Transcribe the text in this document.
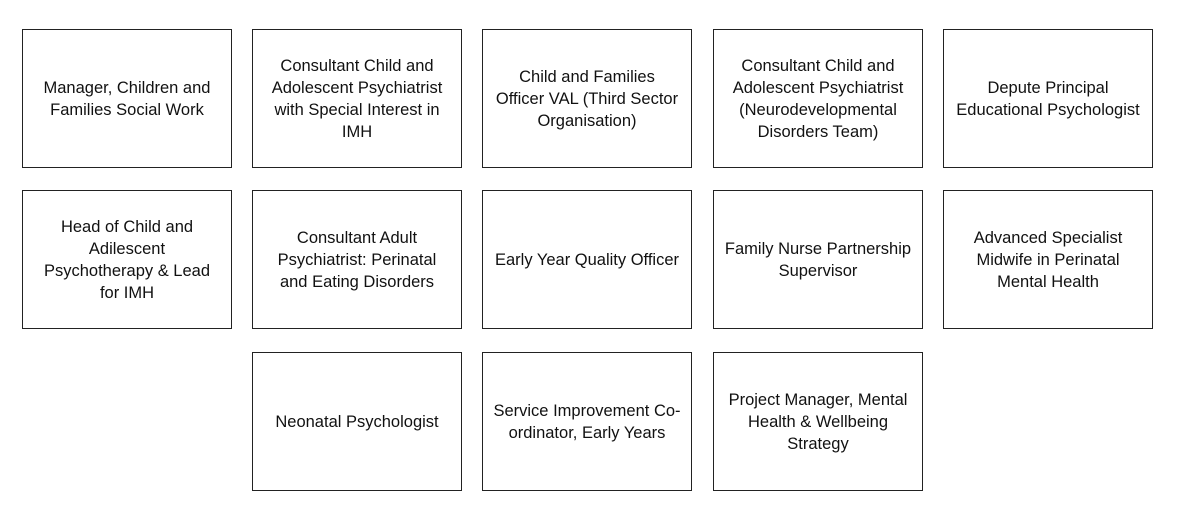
Manager, Children and Families Social Work
Consultant Child and Adolescent Psychiatrist with Special Interest in IMH
Child and Families Officer VAL (Third Sector Organisation)
Consultant Child and Adolescent Psychiatrist (Neurodevelopmental Disorders Team)
Depute Principal Educational Psychologist
Head of Child and Adilescent Psychotherapy & Lead for IMH
Consultant Adult Psychiatrist: Perinatal and Eating Disorders
Early Year Quality Officer
Family Nurse Partnership Supervisor
Advanced Specialist Midwife in Perinatal Mental Health
Neonatal Psychologist
Service Improvement Co-ordinator, Early Years
Project Manager, Mental Health & Wellbeing Strategy
